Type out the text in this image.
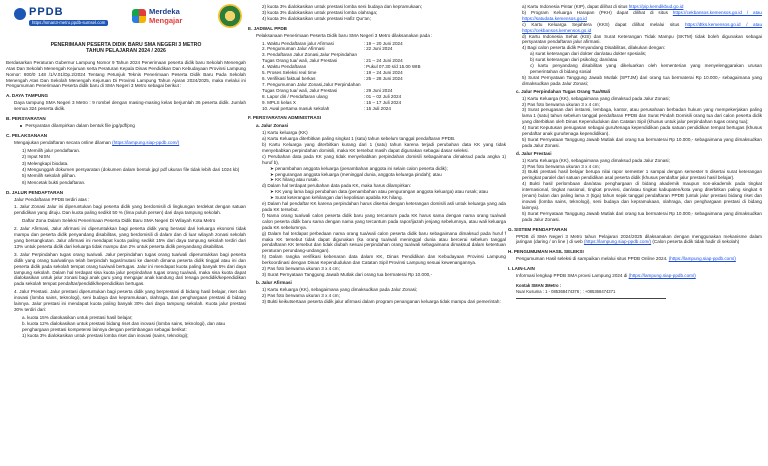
PPDB
https://sman3-metro.ppdb-sumsel.com
Merdeka
Mengajar
PENERIMAAN PESERTA DIDIK BARU SMA NEGERI 3 METRO
TAHUN PELAJARAN 2024 / 2026

Berdasarkan Peraturan Gubernur Lampung Nomor 9 Tahun 2024 Penerimaan peserta didik baru Sekolah Menengah Atas Dan Sekolah Menengah Kejuruan serta Peraturan Kepala Dinas Pendidikan Dan Kebudayaan Provinsi Lampung Nomor: 800/0 148 /1/V.01/Dp.2/2024 Tentang Petunjuk Teknis Penerimaan Peserta Didik Baru Pada Sekolah Menengah Atas Dan Sekolah Menengah Kejuruan Di Provinsi Lampung Tahun Ajaran 2024/2025, maka melalui ini Pengumuman Penerimaan Peserta didik baru di SMA Negeri 3 Metro sebagai berikut :

A. DAYA TAMPUNG

Daya tampung SMA Negeri 3 Metro : 9 rombel dengan masing-masing kelas berjumlah 36 peserta didik. Jumlah semua 324 peserta didik.

B. PERSYARATAN

Persyaratan dilampirkan dalam bentuk file jpg/pdf/png

C. PELAKSANAAN

Mengajukan pendaftaran secara online dilaman (https://lampung.siap-ppdb.com/)

1) Memilih jalur pendaftaran.
2) Input NISN
3) Melengkapi biodata.
4) Mengunggah dokumen persyaratan (dokumen dalam bentuk jpg/ pdf ukuran file tidak lebih dari 1024 kb)
5) Memilih sekolah pilihan.
6) Mencetak bukti pendaftaran.
D. JALUR PENDAFTARAN

Jalur Pendaftaran PPDB terdiri atas :

1. Jalur Zonasi Jalur ini diperuntukan bagi peserta didik yang berdomisili di lingkungan terdekat dengan satuan pendidikan yang dituju. Dan kuota paling sedikit 50 % (lima puluh persen) dari daya tampung sekolah.

Daftar Zona Dalam Seleksi Penerimaan Peserta Didik Baru SMA Negeri Di Wilayah Kota Metro

2. Jalur Afirmasi, Jalur afirmasi ini diperuntukkan bagi peserta didik yang berasal dari keluarga ekonomi tidak mampu dan peserta didik penyandang disabilitas, yang berdomisili di dalam dan di luar wilayah zonasi sekolah yang bersangkutan. Jalur afirmasi ini mendapat kuota paling sedikit 15% dari daya tampung sekolah terdiri dari 13% untuk peserta didik dari keluarga tidak mampu dan 2% untuk peserta didik penyandang disabilitas.

3. Jalur Perpindahan tugas orang tua/wali. Jalur perpindahan tugas orang tua/wali diperuntukkan bagi peserta didik yang orang tua/walinya telah berpindah tugas/mutasi ke daerah dimana peserta didik tinggal atau ini dan peserta didik pada sekolah tempat orang tua/wali bertugas. Jalur ini mendapat kuota paling banyak 5% dari daya tampung sekolah. Dalam hal terdapat sisa kuota jalur perpindahan tugas orang tua/wali, maka sisa kuota dapat dialokasikan untuk jalur zonasi bagi anak guru yang mengajar anak kandung dari tenaga pendidik/kependidikan pada sekolah tempat pendaftar/pendidik/kependidikan bertugas.

4. Jalur Prestasi. Jalur prestasi diperuntukan bagi peserta didik yang berprestasi di bidang hasil belajar, riset dan inovasi (lomba sains, teknologi), seni budaya dan kepramukaan, olahraga, dan penghargaan prestasi di bidang lainnya. Jalur prestasi ini mendapat kuota paling banyak 30% dari daya tampung sekolah. Kuota jalur prestasi 30% terdiri dari:

a. kuota 15% diaIokasikan untuk prestasi hasil belajar;
b. kuota 12% dialokasikan untuk prestasi bidang riset dan inovasi (lomba sains, teknologi), dan atau penghargaan prestasi kompetensi lainnya dengan pertimbangan sebagai berikut:
1) kuota 3% dialokasikan untuk prestasi lomba riset dan inovasi (sains, teknologi);
2) kuota 3% dialokasikan untuk prestasi lomba seni budaya dan kepramukaan;
3) kuota 3% dialokasikan untuk prestasi lomba olahraga;
4) kuota 3% dialokasikan untuk prestasi Hafiz Qur'an;
E. JADWAL PPDB

Pelaksanaan Penerimaan Peserta Didik baru SMA Negeri 3 Metro dilaksanakan pada :

1. Waktu Pendaftaran jalur Afirmasi	: 19 – 20 Juni 2024
2. Pengumuman Jalur Afirmasi	: 22 Juni 2024
3. Pendaftaran Jalur Zonasi,Jalur Perpindahan	
Tugas Orang tua/ wali, Jalur Prestasi	: 21 – 24 Juni 2024
4. Waktu Pendaftaran	: Pukul 07.30 s/d 15.00 WIB
5. Proses Seleksi real time	: 19 – 24 Juni 2024
6. Verifikasi faktual berkas	: 25 – 28 Juni 2024
7. Pengumuman Jalur Zonasi,Jalur Perpindahan	
Tugas Orang tua/ wali, Jalur Prestasi	: 29 Juni 2024
8. Lapor diri / Pendaftaran ulang	: 01 – 02 Juli 2024
9. MPLS kelas X	: 15 – 17 Juli 2024
10. Awal pertama masuk sekolah	: 15 Juli 2024
F. PERSYARATAN ADMINISTRASI
a. Jalur Zonasi
1) Kartu keluarga (KK)
a) Kartu Keluarga diterbitkan paling singkat 1 (satu) tahun sebelum tanggal pendaftaran PPDB.
b) Kartu Keluarga yang diterbitkan kurang dari 1 (satu) tahun karena terjadi perubahan data KK yang tidak menyebabkan perpindahan domisili, maka KK tersebut masih dapat digunakan sebagai dasar seleksi.
c) Perubahan data pada KK yang tidak menyebabkan perpindahan domisili sebagaimana dimaksud pada angka 1) huruf b),
➤ penambahan anggota keluarga (penambahan anggota ini selain calon peserta didik);
➤ pengurangan anggota keluarga (meninggal dunia, anggota keluarga pindah); atau
➤ KK hilang atau rusak.
d) Dalam hal terdapat perubahan data pada KK, maka harus dilampirkan:
➤ KK yang lama bagi perubahan data (penambahan atau pengurangan anggota keluarga) atau rusak; atau
➤ Surat keterangan kehilangan dari kepolisian apabila KK hilang.
e) Dalam hal pendaftar KK karena perpindahan harus disertai dengan keterangan domisili asli untuk keluarga yang ada pada KK tersebut.
f) Nama orang tua/wali calon peserta didik baru yang tercantum pada KK harus sama dengan nama orang tua/wali calon peserta didik baru sama dengan nama yang tercantum pada rapor/ijazah jenjang sebelumnya, atau wali keluarga pada KK sebelumnya.
g) Dalam hal terdapat perbedaan nama orang tua/wali calon peserta didik baru sebagaimana dimaksud pada huruf f maka KK tersebut tidak dapat digunakan (ka orang tua/wali meninggal dunia atau bercerai sebelum tanggal pendaftaran KK tersebut dan tidak diubah sesuai perpindahan orang tua/wali sebagaimana dimaksud dalam ketentuan peraturan perundang-undangan).
h) Dalam rangka verifikasi kebenaran data dalam KK, Dinas Pendidikan dan Kebudayaan Provinsi Lampung berkoordinasi dengan Dinas Kependudukan dan Catatan Sipil Provinsi Lampung sesuai kewenangannya.
2) Pas foto berwarna ukuran 3 x 4 cm;
3) Surat Pernyataan Tanggung Jawab Mutlak dari orang tua bermaterai Rp 10.000,-
b. Jalur Afirmasi
1) Kartu Keluarga (KK), sebagaimana yang dimaksudkan pada Jalur Zonasi;
2) Pas foto berwarna ukuran 3 x 4 cm;
3) Bukti keikutsertaan peserta didik jalur afirmasi dalam program penanganan keluarga tidak mampu dari pemerintah:
a) Kartu Indonesia Pintar (KIP), dapat dilihat di situs https://pip.kemdikbud.go.id
b) Program Keluarga Harapan (PKH) dapat dilihat di situs https://cekbansos.kemensos.go.id / atau https://satudata.kemensos.go.id
c) Kartu Keluarga Sejahtera (KKS) dapat dilihat melalui situs https://dtks.kemensos.go.id / atau https://cekbansos.kemensos.go.id
d) Kartu Indonesia Sehat (KIS) dan Surat Keterangan Tidak Mampu (SKTM) tidak boleh digunakan sebagai persyaratan pendaftaran jalur afirmasi.
4) Bagi calon peserta didik Penyandang Disabilitas, dilakukan dengan:
a) surat keterangan dari dokter dan/atau dokter spesialis;
b) surat keterangan dari psikolog; dan/atau
c) kartu penyandang disabilitas yang dikeluarkan oleh kementerian yang menyelenggarakan urusan pemerintahan di bidang sosial
5) Surat Pernyataan Tanggung Jawab Mutlak (SPTJM) dari orang tua bermaterai Rp 10.000,- sebagaimana yang dimaksudkan pada Jalur Zonasi;
c. Jalur Perpindahan Tugas Orang Tua/Wali
1) Kartu Keluarga (KK), sebagaimana yang dimaksud pada Jalur Zonasi;
2) Pas foto berwarna ukuran 3 x 4 cm;
3) Surat penugasan dari instansi, lembaga, kantor, atau perusahaan berbadan hukum yang mempekerjakan paling lama 1 (satu) tahun sebelum tanggal pendaftaran PPDB dan Surat Pindah Domisili orang tua dari calon peserta didik yang diterbitkan oleh Dinas Kependudukan dan Catatan Sipil (khusus untuk jalur perpindahan tugas orang tua);
4) Surat Keputusan penugasan sebagai guru/tenaga kependidikan pada satuan pendidikan tempat bertugas (khusus pendaftar anak guru/tenaga kependidikan).
5) Surat Pernyataan Tanggung Jawab Mutlak dari orang tua bermaterai Rp 10.000,- sebagaimana yang dimaksudkan pada Jalur Zonasi.
d. Jalur Prestasi
1) Kartu Keluarga (KK), sebagaimana yang dimaksud pada Jalur Zonasi;
2) Pas foto berwarna ukuran 3 x 4 cm;
3) Bukti prestasi hasil belajar berupa nilai rapor semester 1 sampai dengan semester 5 disertai surat keterangan peringkat paralel dari satuan pendidikan asal peserta didik (khusus pendaftar jalur prestasi hasil belajar).
4) Bukti hasil perlombaan dan/atau penghargaan di bidang akademik maupun non-akademik pada tingkat internasional, tingkat nasional, tingkat provinsi, dan/atau tingkat kabupaten/kota yang diterbitkan paling singkat 6 (enam) bulan dan paling lama 3 (tiga) tahun sejak tanggal pendaftaran PPDB (untuk jalur prestasi bidang riset dan inovasi (lomba sains, teknologi), seni budaya dan kepramukaan, olahraga, dan penghargaan prestasi di bidang lainnya).
5) Surat Pernyataan Tanggung Jawab Mutlak dari orang tua bermaterai Rp 10.000,- sebagaimana yang dimaksudkan pada Jalur Zonasi.
G. SISTEM PENDAFTARAN

PPDB di SMA Negeri 3 Metro tahun Pelajaran 2024/2025 dilaksanakan dengan menggunakan mekanisme dalam jaringan (daring / on line ) di web (https://lampung.siap-ppdb.com/) (Calon peserta didik tidak hadir di sekolah)

H. PENGUMUMAN HASIL SELEKSI

Pengumuman Hasil seleksi di sampaikan melalui situs PPDB Online 2024. (https://lampung.siap-ppdb.com/)

I. LAIN-LAIN

Informasi lengkap PPDB SMA provsi Lampung 2024 di (https://lampung.siap-ppdb.com/)

Kontak SMAN 3Metro :
Nuar Kusuma : 1 - 085368474376 ; : +085368474371
